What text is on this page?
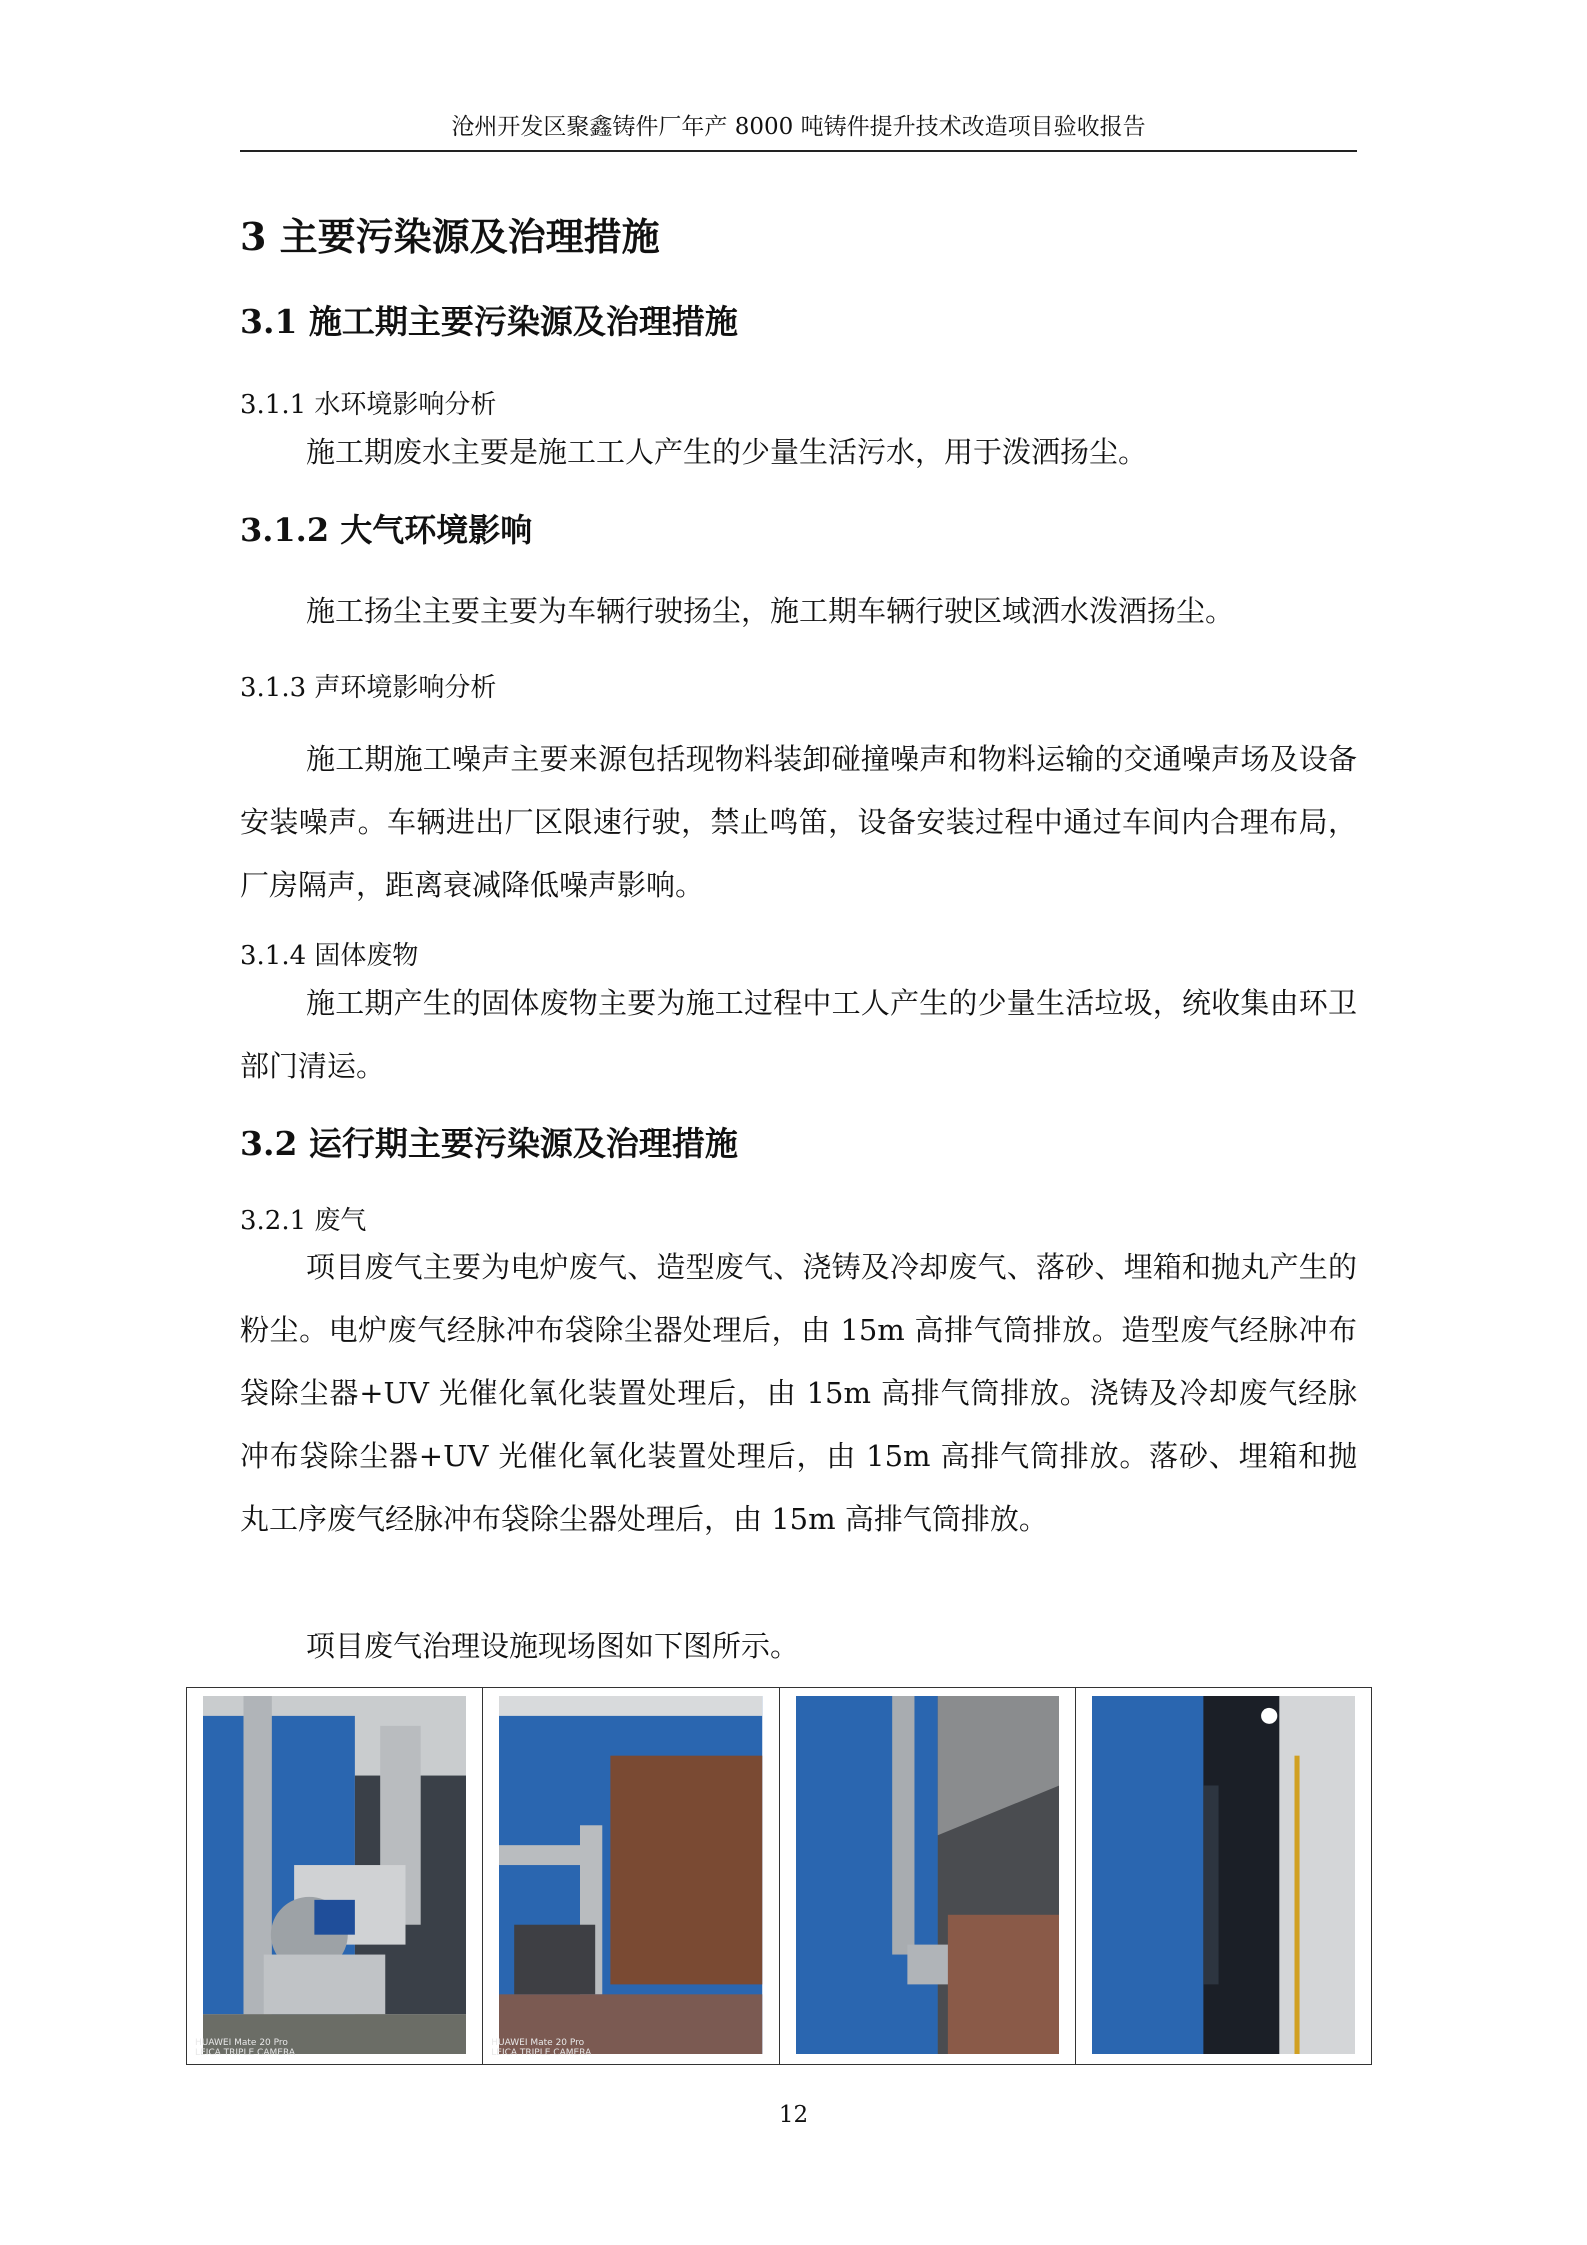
沧州开发区聚鑫铸件厂年产 8000 吨铸件提升技术改造项目验收报告
3 主要污染源及治理措施
3.1 施工期主要污染源及治理措施
3.1.1 水环境影响分析
施工期废水主要是施工工人产生的少量生活污水，用于泼洒扬尘。
3.1.2 大气环境影响
施工扬尘主要主要为车辆行驶扬尘，施工期车辆行驶区域洒水泼酒扬尘。
3.1.3 声环境影响分析
施工期施工噪声主要来源包括现物料装卸碰撞噪声和物料运输的交通噪声场及设备安装噪声。车辆进出厂区限速行驶，禁止鸣笛，设备安装过程中通过车间内合理布局，厂房隔声，距离衰减降低噪声影响。
3.1.4 固体废物
施工期产生的固体废物主要为施工过程中工人产生的少量生活垃圾，统收集由环卫部门清运。
3.2 运行期主要污染源及治理措施
3.2.1 废气
项目废气主要为电炉废气、造型废气、浇铸及冷却废气、落砂、埋箱和抛丸产生的粉尘。电炉废气经脉冲布袋除尘器处理后，由 15m 高排气筒排放。造型废气经脉冲布袋除尘器+UV 光催化氧化装置处理后，由 15m 高排气筒排放。浇铸及冷却废气经脉冲布袋除尘器+UV 光催化氧化装置处理后，由 15m 高排气筒排放。落砂、埋箱和抛丸工序废气经脉冲布袋除尘器处理后，由 15m 高排气筒排放。
项目废气治理设施现场图如下图所示。
HUAWEI Mate 20 Pro
LEICA TRIPLE CAMERA
HUAWEI Mate 20 Pro
LEICA TRIPLE CAMERA
12
